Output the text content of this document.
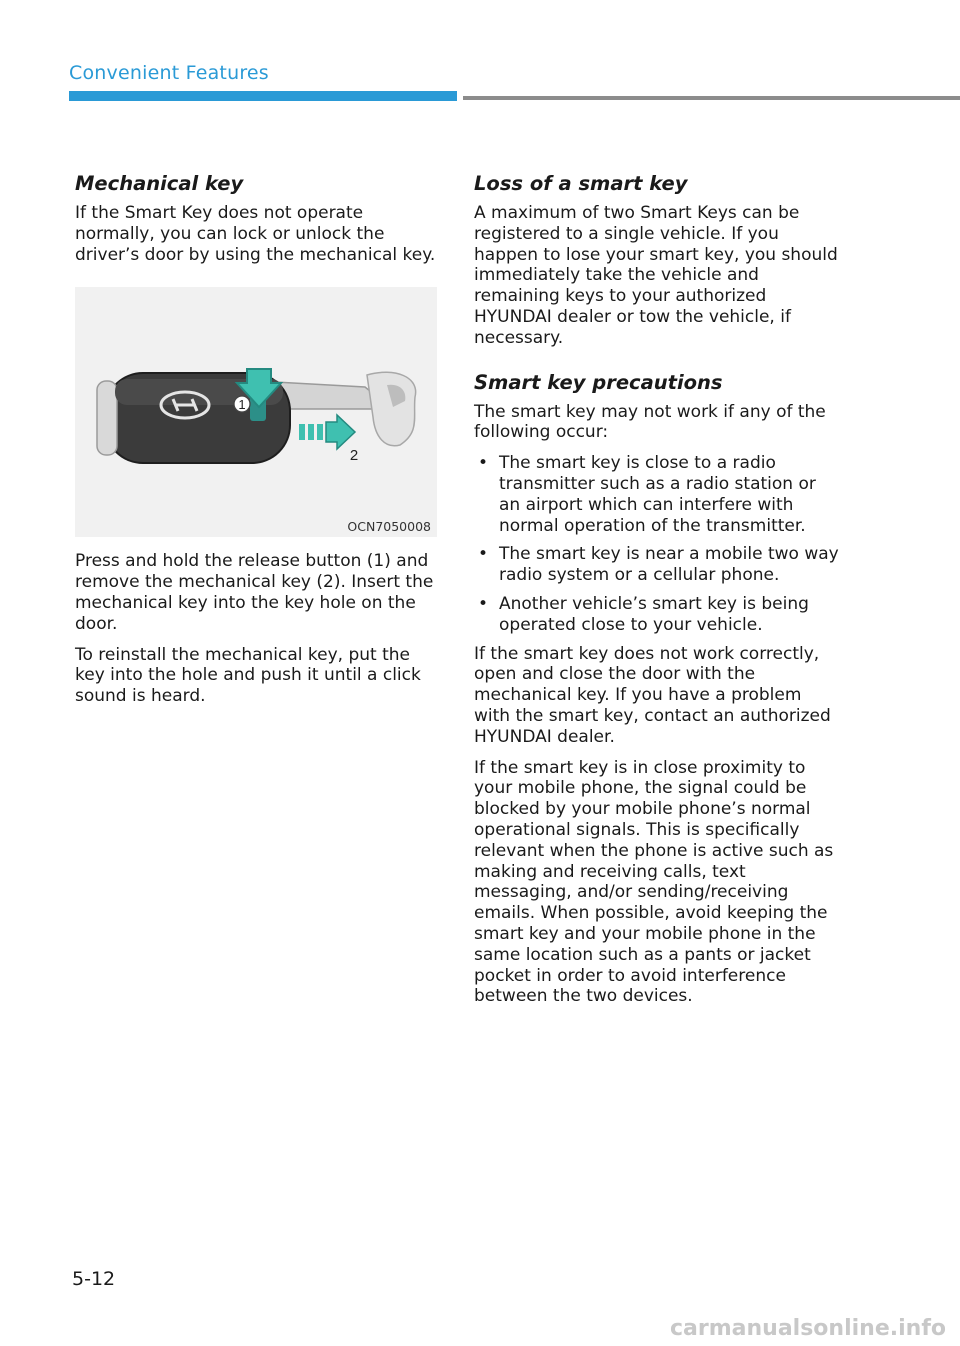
Convenient Features
Mechanical key

If the Smart Key does not operate normally, you can lock or unlock the driver’s door by using the mechanical key.

1
2
OCN7050008

Press and hold the release button (1) and remove the mechanical key (2). Insert the mechanical key into the key hole on the door.

To reinstall the mechanical key, put the key into the hole and push it until a click sound is heard.

Loss of a smart key

A maximum of two Smart Keys can be registered to a single vehicle. If you happen to lose your smart key, you should immediately take the vehicle and remaining keys to your authorized HYUNDAI dealer or tow the vehicle, if necessary.

Smart key precautions

The smart key may not work if any of the following occur:

• The smart key is close to a radio transmitter such as a radio station or an airport which can interfere with normal operation of the transmitter.
• The smart key is near a mobile two way radio system or a cellular phone.
• Another vehicle’s smart key is being operated close to your vehicle.

If the smart key does not work correctly, open and close the door with the mechanical key. If you have a problem with the smart key, contact an authorized HYUNDAI dealer.

If the smart key is in close proximity to your mobile phone, the signal could be blocked by your mobile phone’s normal operational signals. This is specifically relevant when the phone is active such as making and receiving calls, text messaging, and/or sending/receiving emails. When possible, avoid keeping the smart key and your mobile phone in the same location such as a pants or jacket pocket in order to avoid interference between the two devices.

5-12
carmanualsonline.info
